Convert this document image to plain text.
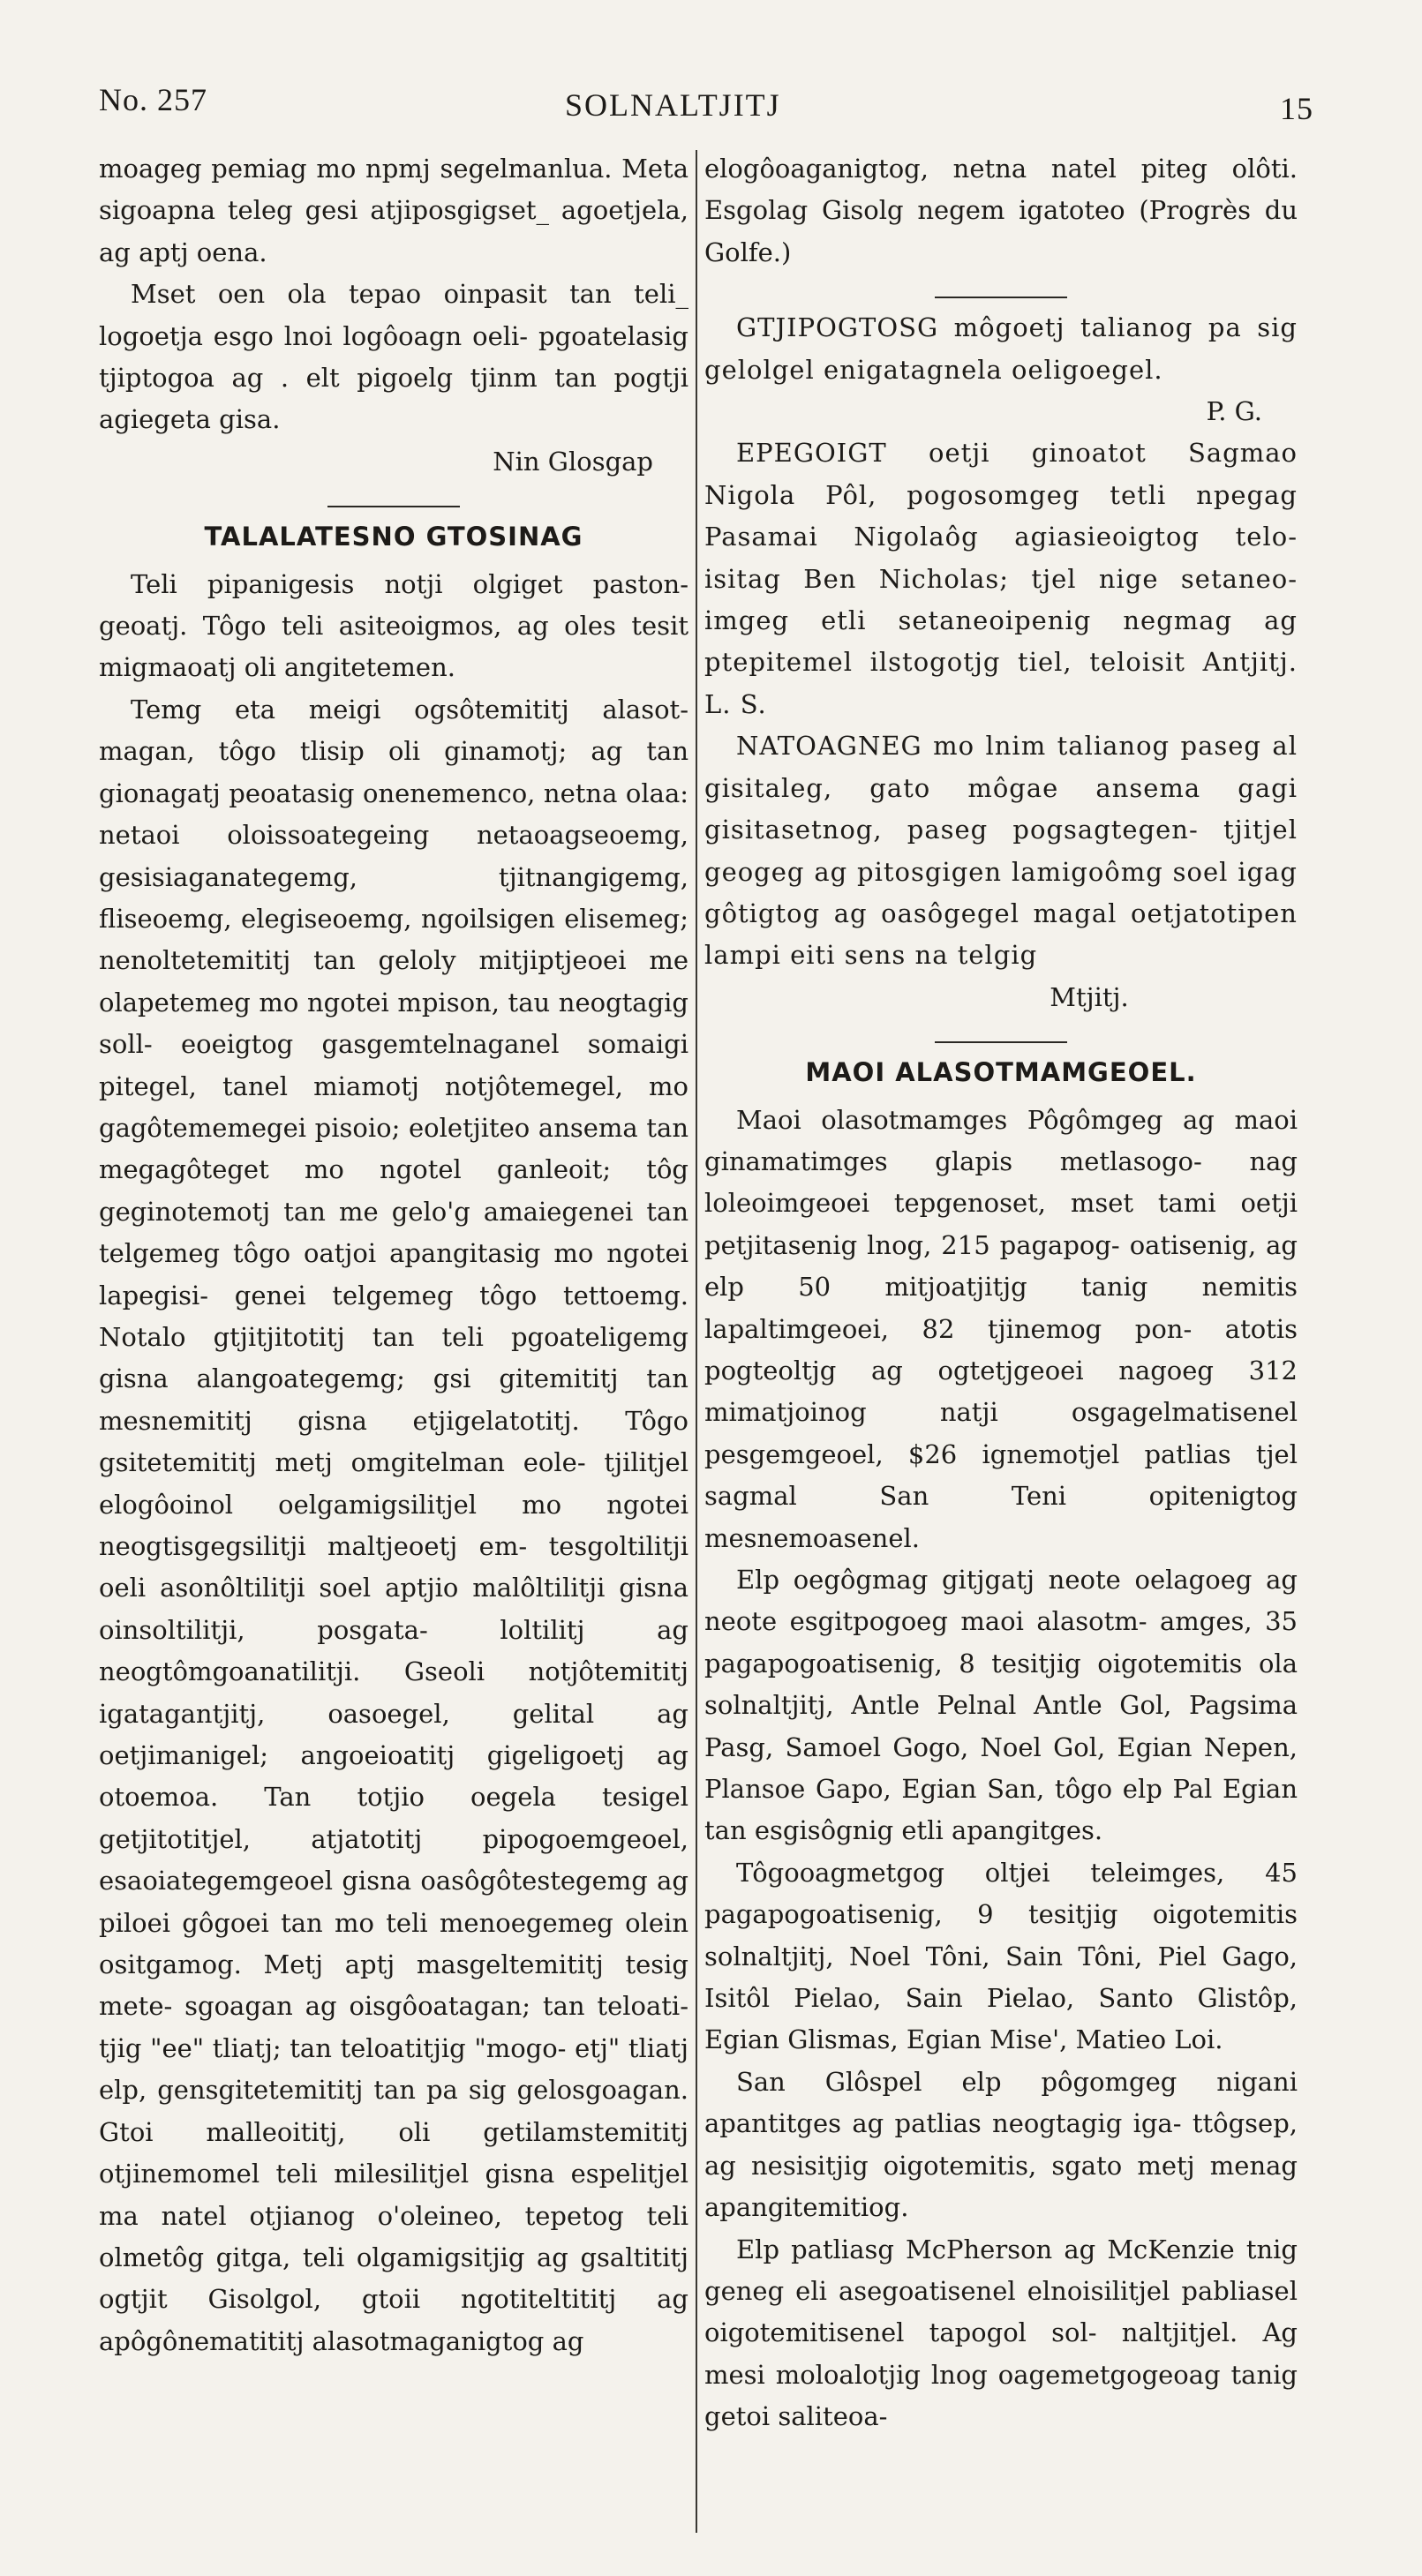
No. 257	SOLNALTJITJ	15

moageg pemiag mo npmj segelmanlua. Meta sigoapna teleg gesi atjiposgigset_ agoetjela, ag aptj oena.

Mset oen ola tepao oinpasit tan teli_ logoetja esgo lnoi logôoagn oeli- pgoatelasig tjiptogoa ag . elt pigoelg tjinm tan pogtji agiegeta gisa.

Nin Glosgap

TALALATESNO GTOSINAG

Teli pipanigesis notji olgiget paston- geoatj. Tôgo teli asiteoigmos, ag oles tesit migmaoatj oli angitetemen.

Temg eta meigi ogsôtemititj alasot- magan, tôgo tlisip oli ginamotj; ag tan gionagatj peoatasig onenemenco, netna olaa: netaoi oloissoategeing netaoagseoemg, gesisiaganategemg, tjitnangigemg, fliseoemg, elegiseoemg, ngoilsigen elisemeg; nenoltetemititj tan geloly mitjiptjeoei me olapetemeg mo ngotei mpison, tau neogtagig soll- eoeigtog gasgemtelnaganel somaigi pitegel, tanel miamotj notjôtemegel, mo gagôtememegei pisoio; eoletjiteo ansema tan megagôteget mo ngotel ganleoit; tôg geginotemotj tan me gelo'g amaiegenei tan telgemeg tôgo oatjoi apangitasig mo ngotei lapegisi- genei telgemeg tôgo tettoemg. Notalo gtjitjitotitj tan teli pgoateligemg gisna alangoategemg; gsi gitemititj tan mesnemititj gisna etjigelatotitj. Tôgo gsitetemititj metj omgitelman eole- tjilitjel elogôoinol oelgamigsilitjel mo ngotei neogtisgegsilitji maltjeoetj em- tesgoltilitji oeli asonôltilitji soel aptjio malôltilitji gisna oinsoltilitji, posgata- loltilitj ag neogtômgoanatilitji. Gseoli notjôtemititj igatagantjitj, oasoegel, gelital ag oetjimanigel; angoeioatitj gigeligoetj ag otoemoa. Tan totjio oegela tesigel getjitotitjel, atjatotitj pipogoemgeoel, esaoiategemgeoel gisna oasôgôtestegemg ag piloei gôgoei tan mo teli menoegemeg olein ositgamog. Metj aptj masgeltemititj tesig mete- sgoagan ag oisgôoatagan; tan teloati- tjig "ee" tliatj; tan teloatitjig "mogo- etj" tliatj elp, gensgitetemititj tan pa sig gelosgoagan. Gtoi malleoititj, oli getilamstemititj otjinemomel teli milesilitjel gisna espelitjel ma natel otjianog o'oleineo, tepetog teli olmetôg gitga, teli olgamigsitjig ag gsaltititj ogtjit Gisolgol, gtoii ngotiteltititj ag apôgônematititj alasotmaganigtog ag

elogôoaganigtog, netna natel piteg olôti. Esgolag Gisolg negem igatoteo (Progrès du Golfe.)

GTJIPOGTOSG môgoetj talianog pa sig gelolgel enigatagnela oeligoegel.

P. G.

EPEGOIGT oetji ginoatot Sagmao Nigola Pôl, pogosomgeg tetli npegag Pasamai Nigolaôg agiasieoigtog telo- isitag Ben Nicholas; tjel nige setaneo- imgeg etli setaneoipenig negmag ag ptepitemel ilstogotjg tiel, teloisit Antjitj. L. S.

NATOAGNEG mo lnim talianog paseg al gisitaleg, gato môgae ansema gagi gisitasetnog, paseg pogsagtegen- tjitjel geogeg ag pitosgigen lamigoômg soel igag gôtigtog ag oasôgegel magal oetjatotipen lampi eiti sens na telgig

Mtjitj.

MAOI ALASOTMAMGEOEL.

Maoi olasotmamges Pôgômgeg ag maoi ginamatimges glapis metlasogo- nag loleoimgeoei tepgenoset, mset tami oetji petjitasenig lnog, 215 pagapog- oatisenig, ag elp 50 mitjoatjitjg tanig nemitis lapaltimgeoei, 82 tjinemog pon- atotis pogteoltjg ag ogtetjgeoei nagoeg 312 mimatjoinog natji osgagelmatisenel pesgemgeoel, $26 ignemotjel patlias tjel sagmal San Teni opitenigtog mesnemoasenel.

Elp oegôgmag gitjgatj neote oelagoeg ag neote esgitpogoeg maoi alasotm- amges, 35 pagapogoatisenig, 8 tesitjig oigotemitis ola solnaltjitj, Antle Pelnal Antle Gol, Pagsima Pasg, Samoel Gogo, Noel Gol, Egian Nepen, Plansoe Gapo, Egian San, tôgo elp Pal Egian tan esgisôgnig etli apangitges.

Tôgooagmetgog oltjei teleimges, 45 pagapogoatisenig, 9 tesitjig oigotemitis solnaltjitj, Noel Tôni, Sain Tôni, Piel Gago, Isitôl Pielao, Sain Pielao, Santo Glistôp, Egian Glismas, Egian Mise', Matieo Loi.

San Glôspel elp pôgomgeg nigani apantitges ag patlias neogtagig iga- ttôgsep, ag nesisitjig oigotemitis, sgato metj menag apangitemitiog.

Elp patliasg McPherson ag McKenzie tnig geneg eli asegoatisenel elnoisilitjel pabliasel oigotemitisenel tapogol sol- naltjitjel. Ag mesi moloalotjig lnog oagemetgogeoag tanig getoi saliteoa-
